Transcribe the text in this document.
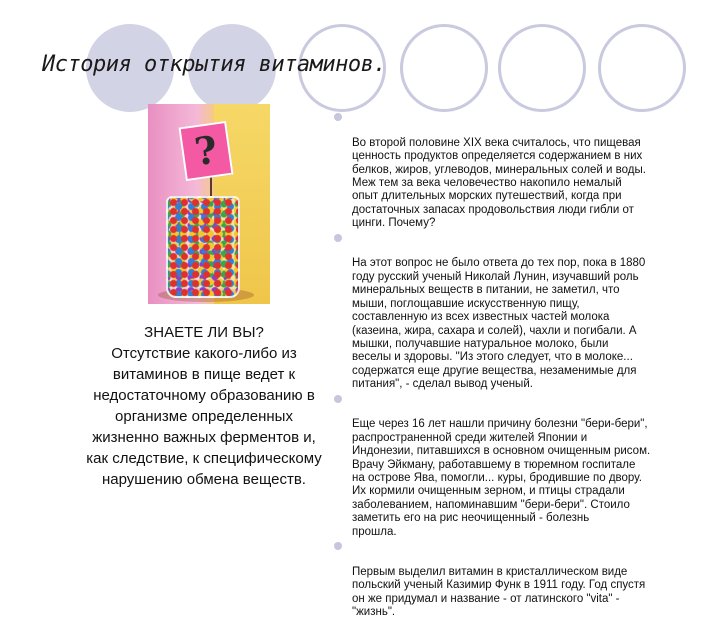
История открытия витаминов.
?
ЗНАЕТЕ ЛИ ВЫ?
Отсутствие какого-либо из витаминов в пище ведет к недостаточному образованию в организме определенных жизненно важных ферментов и, как следствие, к специфическому нарушению обмена веществ.

Во второй половине XIX века считалось, что пищевая
ценность продуктов определяется содержанием в них
белков, жиров, углеводов, минеральных солей и воды.
Меж тем за века человечество накопило немалый
опыт длительных морских путешествий, когда при
достаточных запасах продовольствия люди гибли от
цинги. Почему?

На этот вопрос не было ответа до тех пор, пока в 1880
году русский ученый Николай Лунин, изучавший роль
минеральных веществ в питании, не заметил, что
мыши, поглощавшие искусственную пищу,
составленную из всех известных частей молока
(казеина, жира, сахара и солей), чахли и погибали. А
мышки, получавшие натуральное молоко, были
веселы и здоровы. "Из этого следует, что в молоке...
содержатся еще другие вещества, незаменимые для
питания", - сделал вывод ученый.

Еще через 16 лет нашли причину болезни "бери-бери",
распространенной среди жителей Японии и
Индонезии, питавшихся в основном очищенным рисом.
Врачу Эйкману, работавшему в тюремном госпитале
на острове Ява, помогли... куры, бродившие по двору.
Их кормили очищенным зерном, и птицы страдали
заболеванием, напоминавшим "бери-бери". Стоило
заметить его на рис неочищенный - болезнь
прошла.

Первым выделил витамин в кристаллическом виде
польский ученый Казимир Функ в 1911 году. Год спустя
он же придумал и название - от латинского "vita" -
"жизнь".
